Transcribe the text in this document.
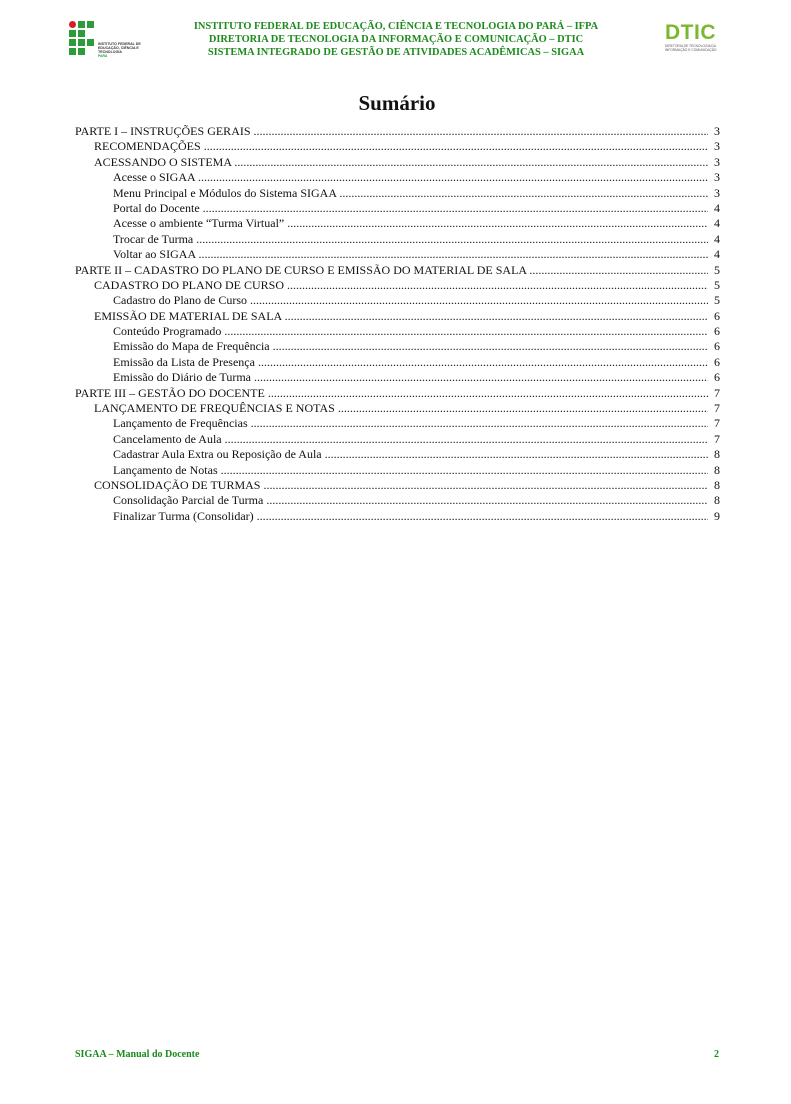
INSTITUTO FEDERAL DE EDUCAÇÃO, CIÊNCIA E TECNOLOGIA
PARÁ
INSTITUTO FEDERAL DE EDUCAÇÃO, CIÊNCIA E TECNOLOGIA DO PARÁ – IFPA
DIRETORIA DE TECNOLOGIA DA INFORMAÇÃO E COMUNICAÇÃO – DTIC
SISTEMA INTEGRADO DE GESTÃO DE ATIVIDADES ACADÊMICAS – SIGAA
DTIC
DIRETORIA DE TECNOLOGIA DA INFORMAÇÃO E COMUNICAÇÃO
Sumário
PARTE I – INSTRUÇÕES GERAIS .....	3
RECOMENDAÇÕES .....	3
ACESSANDO O SISTEMA .....	3
Acesse o SIGAA .....	3
Menu Principal e Módulos do Sistema SIGAA .....	3
Portal do Docente .....	4
Acesse o ambiente “Turma Virtual” .....	4
Trocar de Turma .....	4
Voltar ao SIGAA .....	4
PARTE II – CADASTRO DO PLANO DE CURSO E EMISSÃO DO MATERIAL DE SALA .....	5
CADASTRO DO PLANO DE CURSO .....	5
Cadastro do Plano de Curso .....	5
EMISSÃO DE MATERIAL DE SALA .....	6
Conteúdo Programado .....	6
Emissão do Mapa de Frequência .....	6
Emissão da Lista de Presença .....	6
Emissão do Diário de Turma .....	6
PARTE III – GESTÃO DO DOCENTE .....	7
LANÇAMENTO DE FREQUÊNCIAS E NOTAS .....	7
Lançamento de Frequências .....	7
Cancelamento de Aula .....	7
Cadastrar Aula Extra ou Reposição de Aula .....	8
Lançamento de Notas .....	8
CONSOLIDAÇÃO DE TURMAS .....	8
Consolidação Parcial de Turma .....	8
Finalizar Turma (Consolidar) .....	9
SIGAA – Manual do Docente	2
